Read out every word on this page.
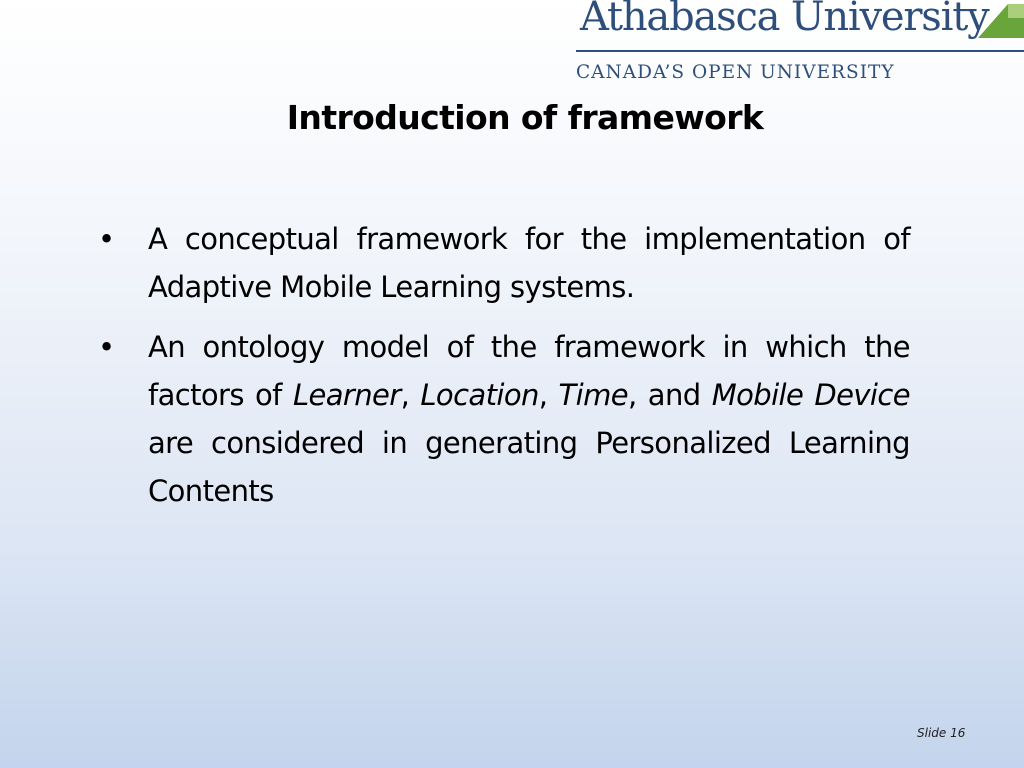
Athabasca University
CANADA’S OPEN UNIVERSITY
Introduction of framework
• A conceptual framework for the implementation of Adaptive Mobile Learning systems.
• An ontology model of the framework in which the factors of Learner, Location, Time, and Mobile Device are considered in generating Personalized Learning Contents
Slide 16
